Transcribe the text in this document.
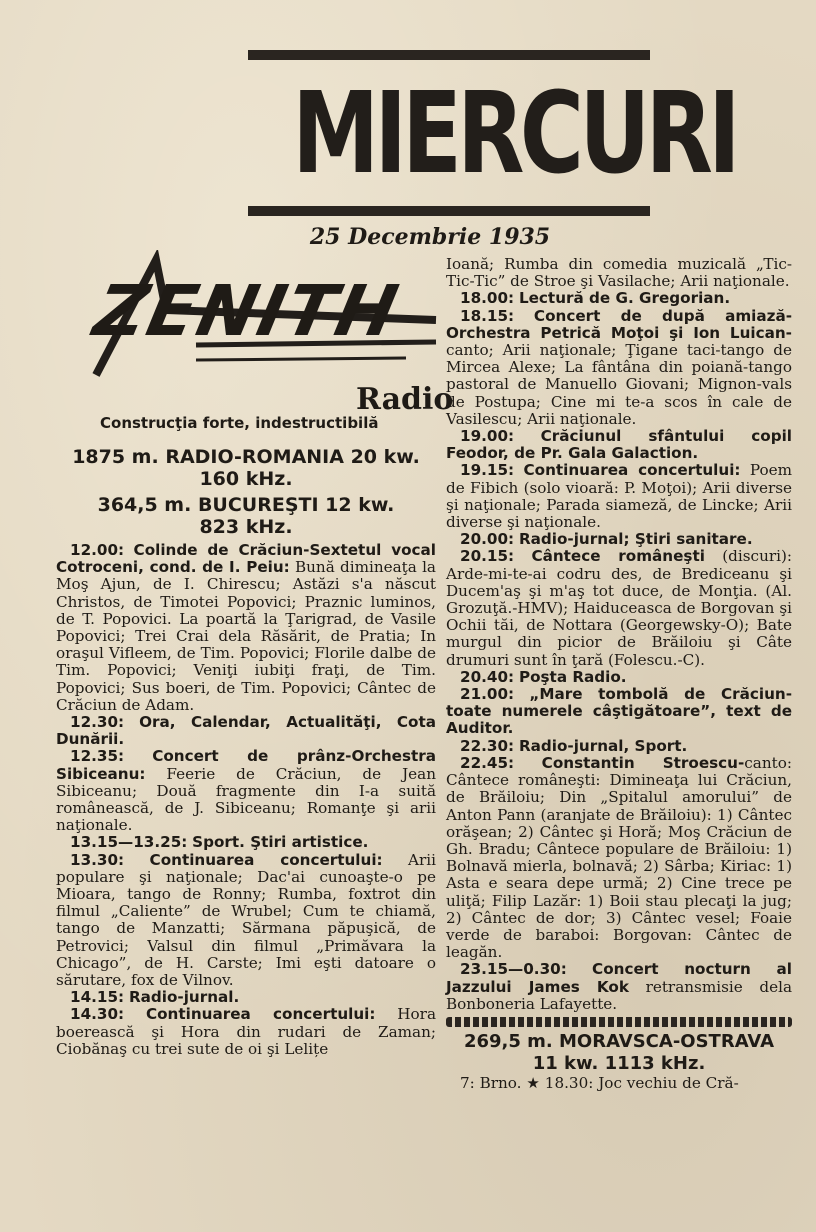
MIERCURI
25 Decembrie 1935
ZENITH
Radio
Construcţia forte, indestructibilă
1875 m. RADIO-ROMANIA 20 kw.
160 kHz.
364,5 m. BUCUREŞTI 12 kw.
823 kHz.

12.00: Colinde de Crăciun-Sextetul vocal Cotroceni, cond. de I. Peiu: Bună dimineaţa la Moş Ajun, de I. Chirescu; Astăzi s'a născut Christos, de Timotei Popovici; Praznic luminos, de T. Popovici. La poartă la Ţarigrad, de Vasile Popovici; Trei Crai dela Răsărit, de Pratia; In oraşul Vifleem, de Tim. Popovici; Florile dalbe de Tim. Popovici; Veniţi iubiţi fraţi, de Tim. Popovici; Sus boeri, de Tim. Popovici; Cântec de Crăciun de Adam.

12.30: Ora, Calendar, Actualităţi, Cota Dunării.

12.35: Concert de prânz-Orchestra Sibiceanu: Feerie de Crăciun, de Jean Sibiceanu; Două fragmente din I-a suită românească, de J. Sibiceanu; Romanţe şi arii naţionale.

13.15—13.25: Sport. Ştiri artistice.

13.30: Continuarea concertului: Arii populare şi naţionale; Dac'ai cunoaşte-o pe Mioara, tango de Ronny; Rumba, foxtrot din filmul „Caliente” de Wrubel; Cum te chiamă, tango de Manzatti; Sărmana păpuşică, de Petrovici; Valsul din filmul „Primăvara la Chicago”, de H. Carste; Imi eşti datoare o sărutare, fox de Vilnov.

14.15: Radio-jurnal.

14.30: Continuarea concertului: Hora boerească şi Hora din rudari de Zaman; Ciobănaş cu trei sute de oi şi Lelițe

Ioană; Rumba din comedia muzicală „Tic-Tic-Tic” de Stroe şi Vasilache; Arii naţionale.

18.00: Lectură de G. Gregorian.

18.15: Concert de după amiază-Orchestra Petrică Moţoi şi Ion Luican-canto; Arii naţionale; Ţigane taci-tango de Mircea Alexe; La fântâna din poiană-tango pastoral de Manuello Giovani; Mignon-vals de Postupa; Cine mi te-a scos în cale de Vasilescu; Arii naţionale.

19.00: Crăciunul sfântului copil Feodor, de Pr. Gala Galaction.

19.15: Continuarea concertului: Poem de Fibich (solo vioară: P. Moţoi); Arii diverse şi naţionale; Parada siameză, de Lincke; Arii diverse şi naţionale.

20.00: Radio-jurnal; Ştiri sanitare.

20.15: Cântece româneşti (discuri): Arde-mi-te-ai codru des, de Brediceanu şi Ducem'aş şi m'aş tot duce, de Monţia. (Al. Grozuţă.-HMV); Haiduceasca de Borgovan şi Ochii tăi, de Nottara (Georgewsky-O); Bate murgul din picior de Brăiloiu şi Câte drumuri sunt în ţară (Folescu.-C).

20.40: Poşta Radio.

21.00: „Mare tombolă de Crăciun-toate numerele câştigătoare”, text de Auditor.

22.30: Radio-jurnal, Sport.

22.45: Constantin Stroescu-canto: Cântece româneşti: Dimineaţa lui Crăciun, de Brăiloiu; Din „Spitalul amorului” de Anton Pann (aranjate de Brăiloiu): 1) Cântec orăşean; 2) Cântec şi Horă; Moş Crăciun de Gh. Bradu; Cântece populare de Brăiloiu: 1) Bolnavă mierla, bolnavă; 2) Sârba; Kiriac: 1) Asta e seara depe urmă; 2) Cine trece pe uliţă; Filip Lazăr: 1) Boii stau plecaţi la jug; 2) Cântec de dor; 3) Cântec vesel; Foaie verde de baraboi: Borgovan: Cântec de leagăn.

23.15—0.30: Concert nocturn al Jazzului James Kok retransmisie dela Bonboneria Lafayette.

269,5 m. MORAVSCA-OSTRAVA
11 kw. 1113 kHz.

7: Brno. ★ 18.30: Joc vechiu de Cră-
